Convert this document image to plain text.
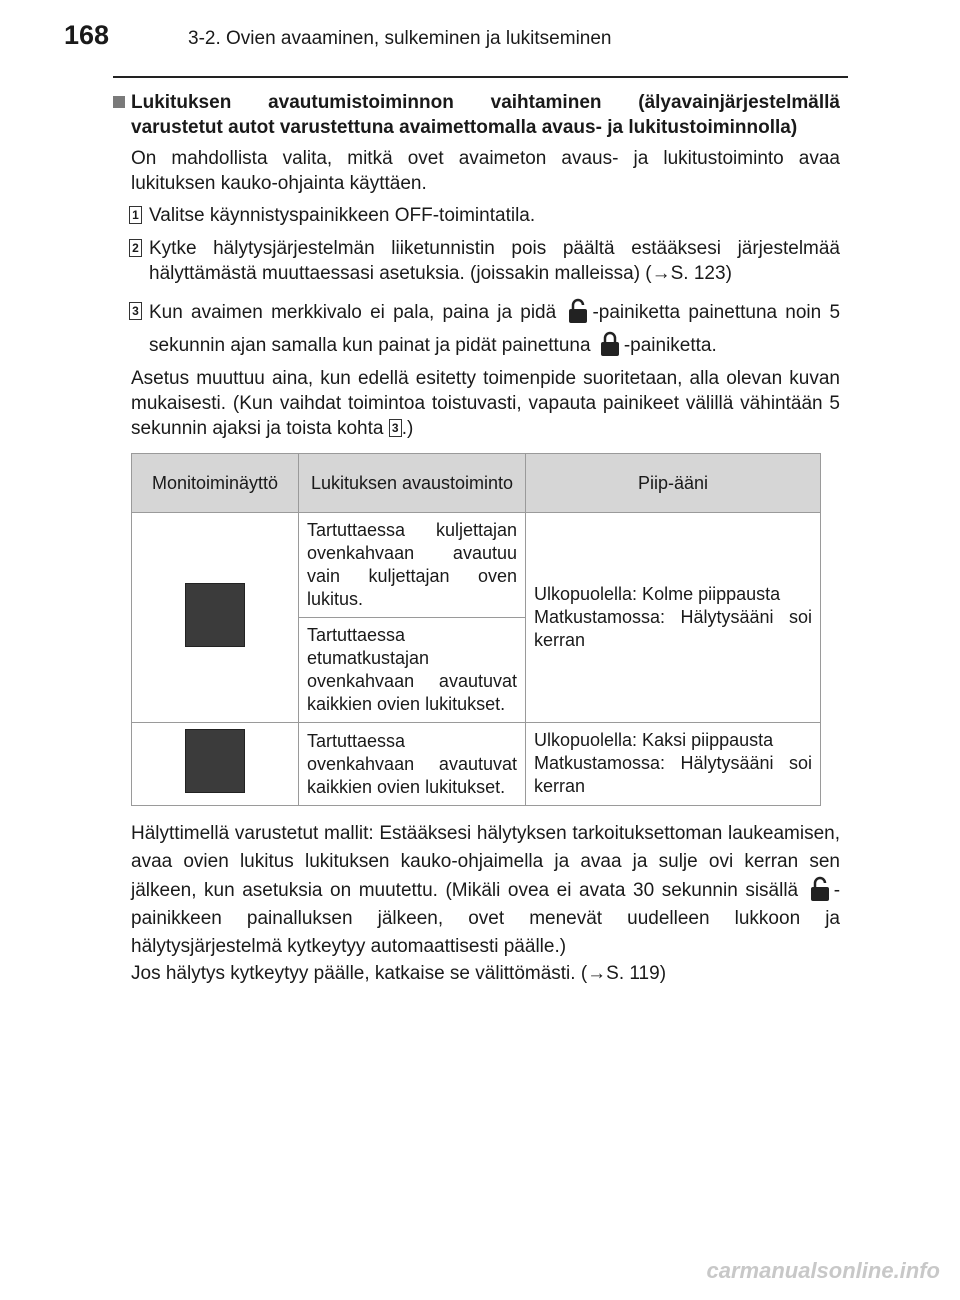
168	3-2. Ovien avaaminen, sulkeminen ja lukitseminen
Lukituksen avautumistoiminnon vaihtaminen (älyavainjärjestelmällä varustetut autot varustettuna avaimettomalla avaus- ja lukitustoiminnolla)

On mahdollista valita, mitkä ovet avaimeton avaus- ja lukitustoiminto avaa lukituksen kauko-ohjainta käyttäen.

1 Valitse käynnistyspainikkeen OFF-toimintatila.
2 Kytke hälytysjärjestelmän liiketunnistin pois päältä estääksesi järjestelmää hälyttämästä muuttaessasi asetuksia. (joissakin malleissa) (→S. 123)
3 Kun avaimen merkkivalo ei pala, paina ja pidä -painiketta painettuna noin 5 sekunnin ajan samalla kun painat ja pidät painettuna -painiketta.

Asetus muuttuu aina, kun edellä esitetty toimenpide suoritetaan, alla olevan kuvan mukaisesti. (Kun vaihdat toimintoa toistuvasti, vapauta painikeet välillä vähintään 5 sekunnin ajaksi ja toista kohta 3 .)

Monitoiminäyttö	Lukituksen avaustoiminto	Piip-ääni
	Tartuttaessa kuljettajan ovenkahvaan avautuu vain kuljettajan oven lukitus.	Ulkopuolella: Kolme piippausta
Matkustamossa: Hälytysääni soi kerran
	Tartuttaessa etumatkustajan ovenkahvaan avautuvat kaikkien ovien lukitukset.	
	Tartuttaessa ovenkahvaan avautuvat kaikkien ovien lukitukset.	Ulkopuolella: Kaksi piippausta
Matkustamossa: Hälytysääni soi kerran

Hälyttimellä varustetut mallit: Estääksesi hälytyksen tarkoituksettoman laukeamisen, avaa ovien lukitus lukituksen kauko-ohjaimella ja avaa ja sulje ovi kerran sen jälkeen, kun asetuksia on muutettu. (Mikäli ovea ei avata 30 sekunnin sisällä -painikkeen painalluksen jälkeen, ovet menevät uudelleen lukkoon ja hälytysjärjestelmä kytkeytyy automaattisesti päälle.)

Jos hälytys kytkeytyy päälle, katkaise se välittömästi. (→S. 119)

carmanualsonline.info
